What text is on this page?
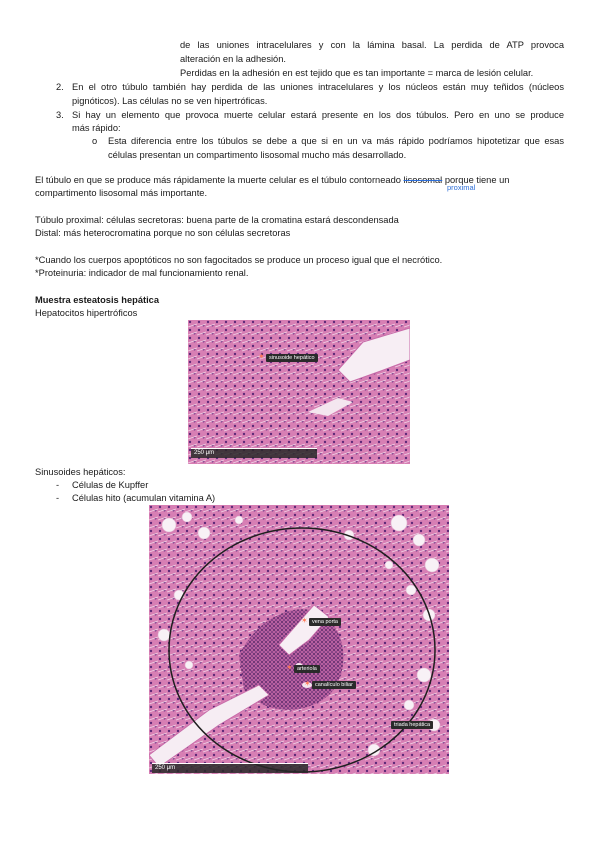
de las uniones intracelulares y con la lámina basal. La perdida de ATP provoca
alteración en la adhesión.
Perdidas en la adhesión en est tejido que es tan importante = marca de lesión celular.
2. En el otro túbulo también hay perdida de las uniones intracelulares y los núcleos están muy teñidos (núcleos
pignóticos). Las células no se ven hipertróficas.
3. Si hay un elemento que provoca muerte celular estará presente en los dos túbulos. Pero en uno se produce
más rápido:
o Esta diferencia entre los túbulos se debe a que si en un va más rápido podríamos hipotetizar que esas
células presentan un compartimento lisosomal mucho más desarrollado.
El túbulo en que se produce más rápidamente la muerte celular es el túbulo contorneado lisosomal porque tiene un
proximal
compartimento lisosomal más importante.
Túbulo proximal: células secretoras: buena parte de la cromatina estará descondensada
Distal: más heterocromatina porque no son células secretoras
*Cuando los cuerpos apoptóticos no son fagocitados se produce un proceso igual que el necrótico.
*Proteinuria: indicador de mal funcionamiento renal.
Muestra esteatosis hepática
Hepatocitos hipertróficos
✶ sinusoide hepático
250 μm
Sinusoides hepáticos:
- Células de Kupffer
- Células hito (acumulan vitamina A)
✶ vena porta
✶ arteriola
✶ canalículo biliar
triada hepática
250 μm
